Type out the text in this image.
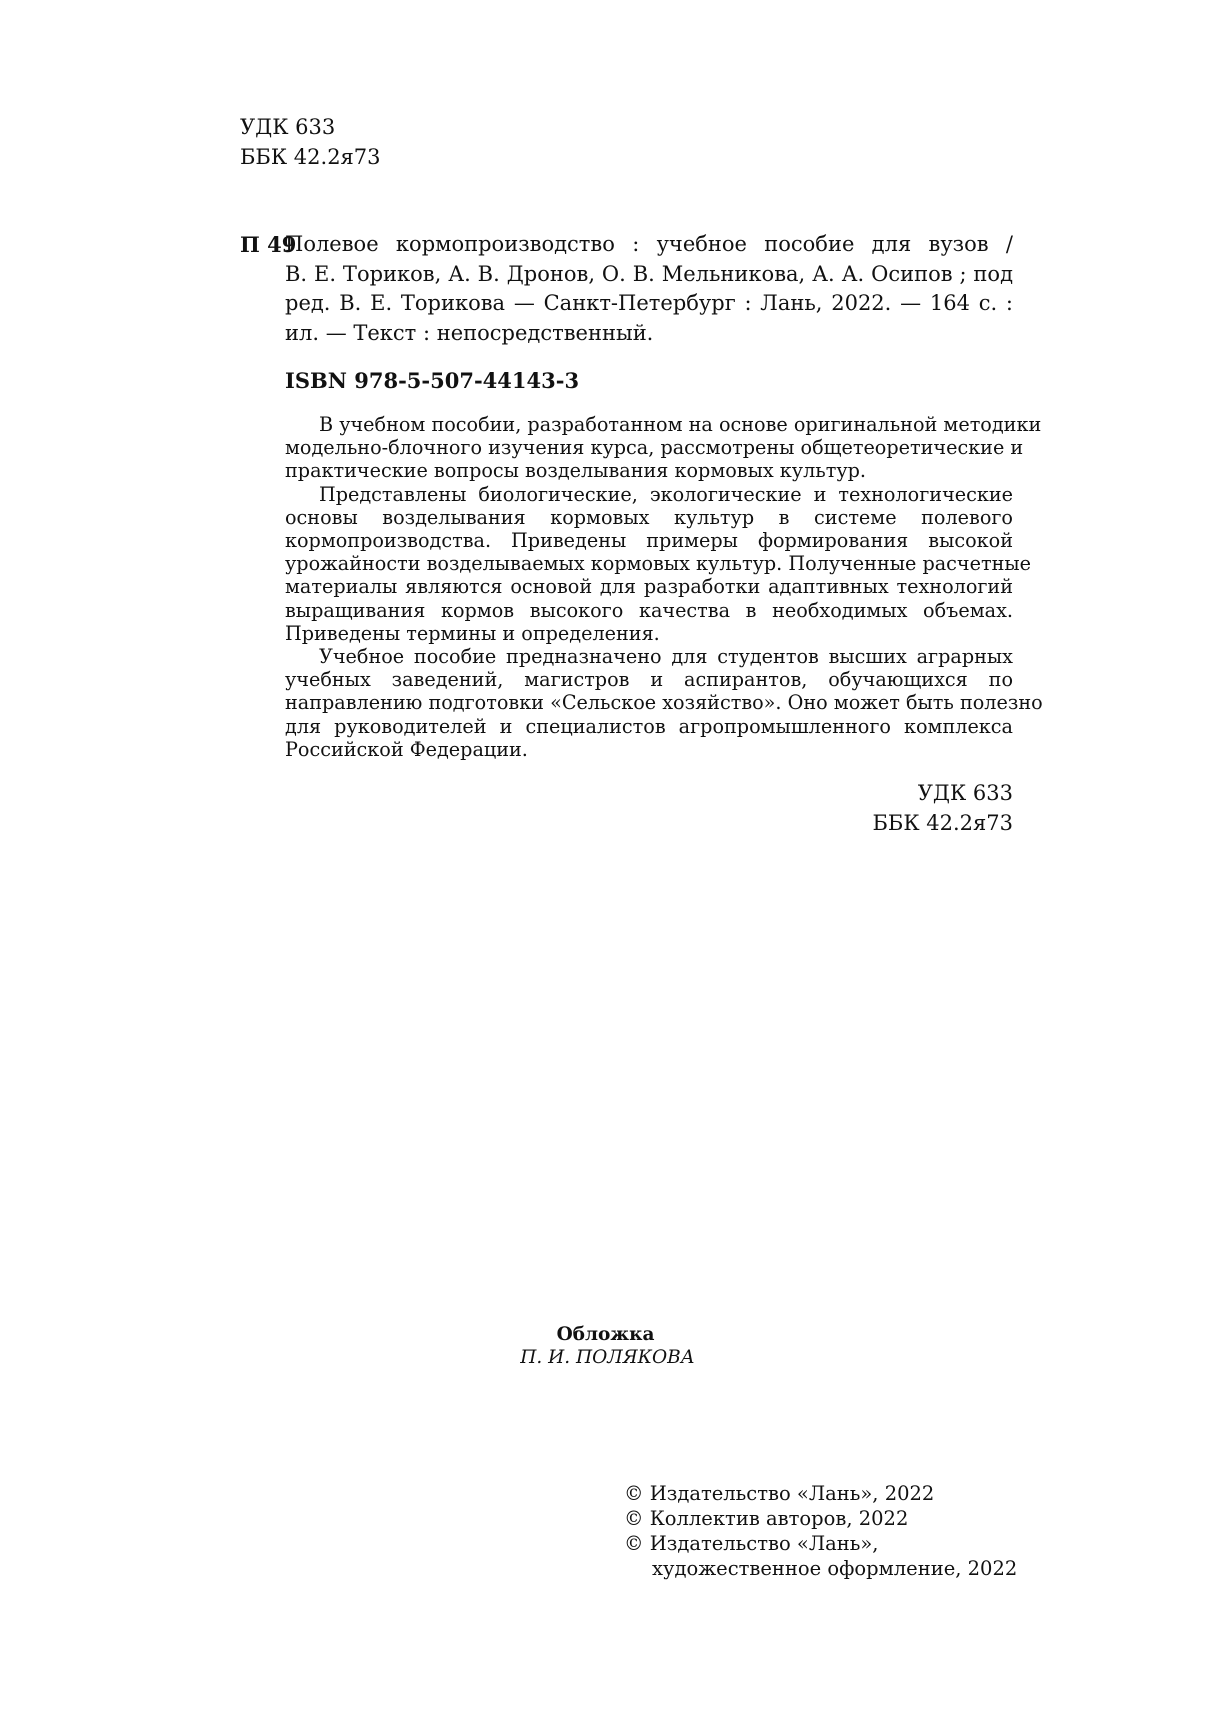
УДК 633
ББК 42.2я73
П 49
Полевое кормопроизводство : учебное пособие для вузов /
В. Е. Ториков, А. В. Дронов, О. В. Мельникова, А. А. Осипов ; под
ред. В. Е. Торикова — Санкт-Петербург : Лань, 2022. — 164 с. :
ил. — Текст : непосредственный.
ISBN 978-5-507-44143-3
В учебном пособии, разработанном на основе оригинальной методики
модельно-блочного изучения курса, рассмотрены общетеоретические и
практические вопросы возделывания кормовых культур.
Представлены биологические, экологические и технологические
основы возделывания кормовых культур в системе полевого
кормопроизводства. Приведены примеры формирования высокой
урожайности возделываемых кормовых культур. Полученные расчетные
материалы являются основой для разработки адаптивных технологий
выращивания кормов высокого качества в необходимых объемах.
Приведены термины и определения.
Учебное пособие предназначено для студентов высших аграрных
учебных заведений, магистров и аспирантов, обучающихся по
направлению подготовки «Сельское хозяйство». Оно может быть полезно
для руководителей и специалистов агропромышленного комплекса
Российской Федерации.
УДК 633
ББК 42.2я73
Обложка
П. И. ПОЛЯКОВА
© Издательство «Лань», 2022
© Коллектив авторов, 2022
© Издательство «Лань»,
художественное оформление, 2022
